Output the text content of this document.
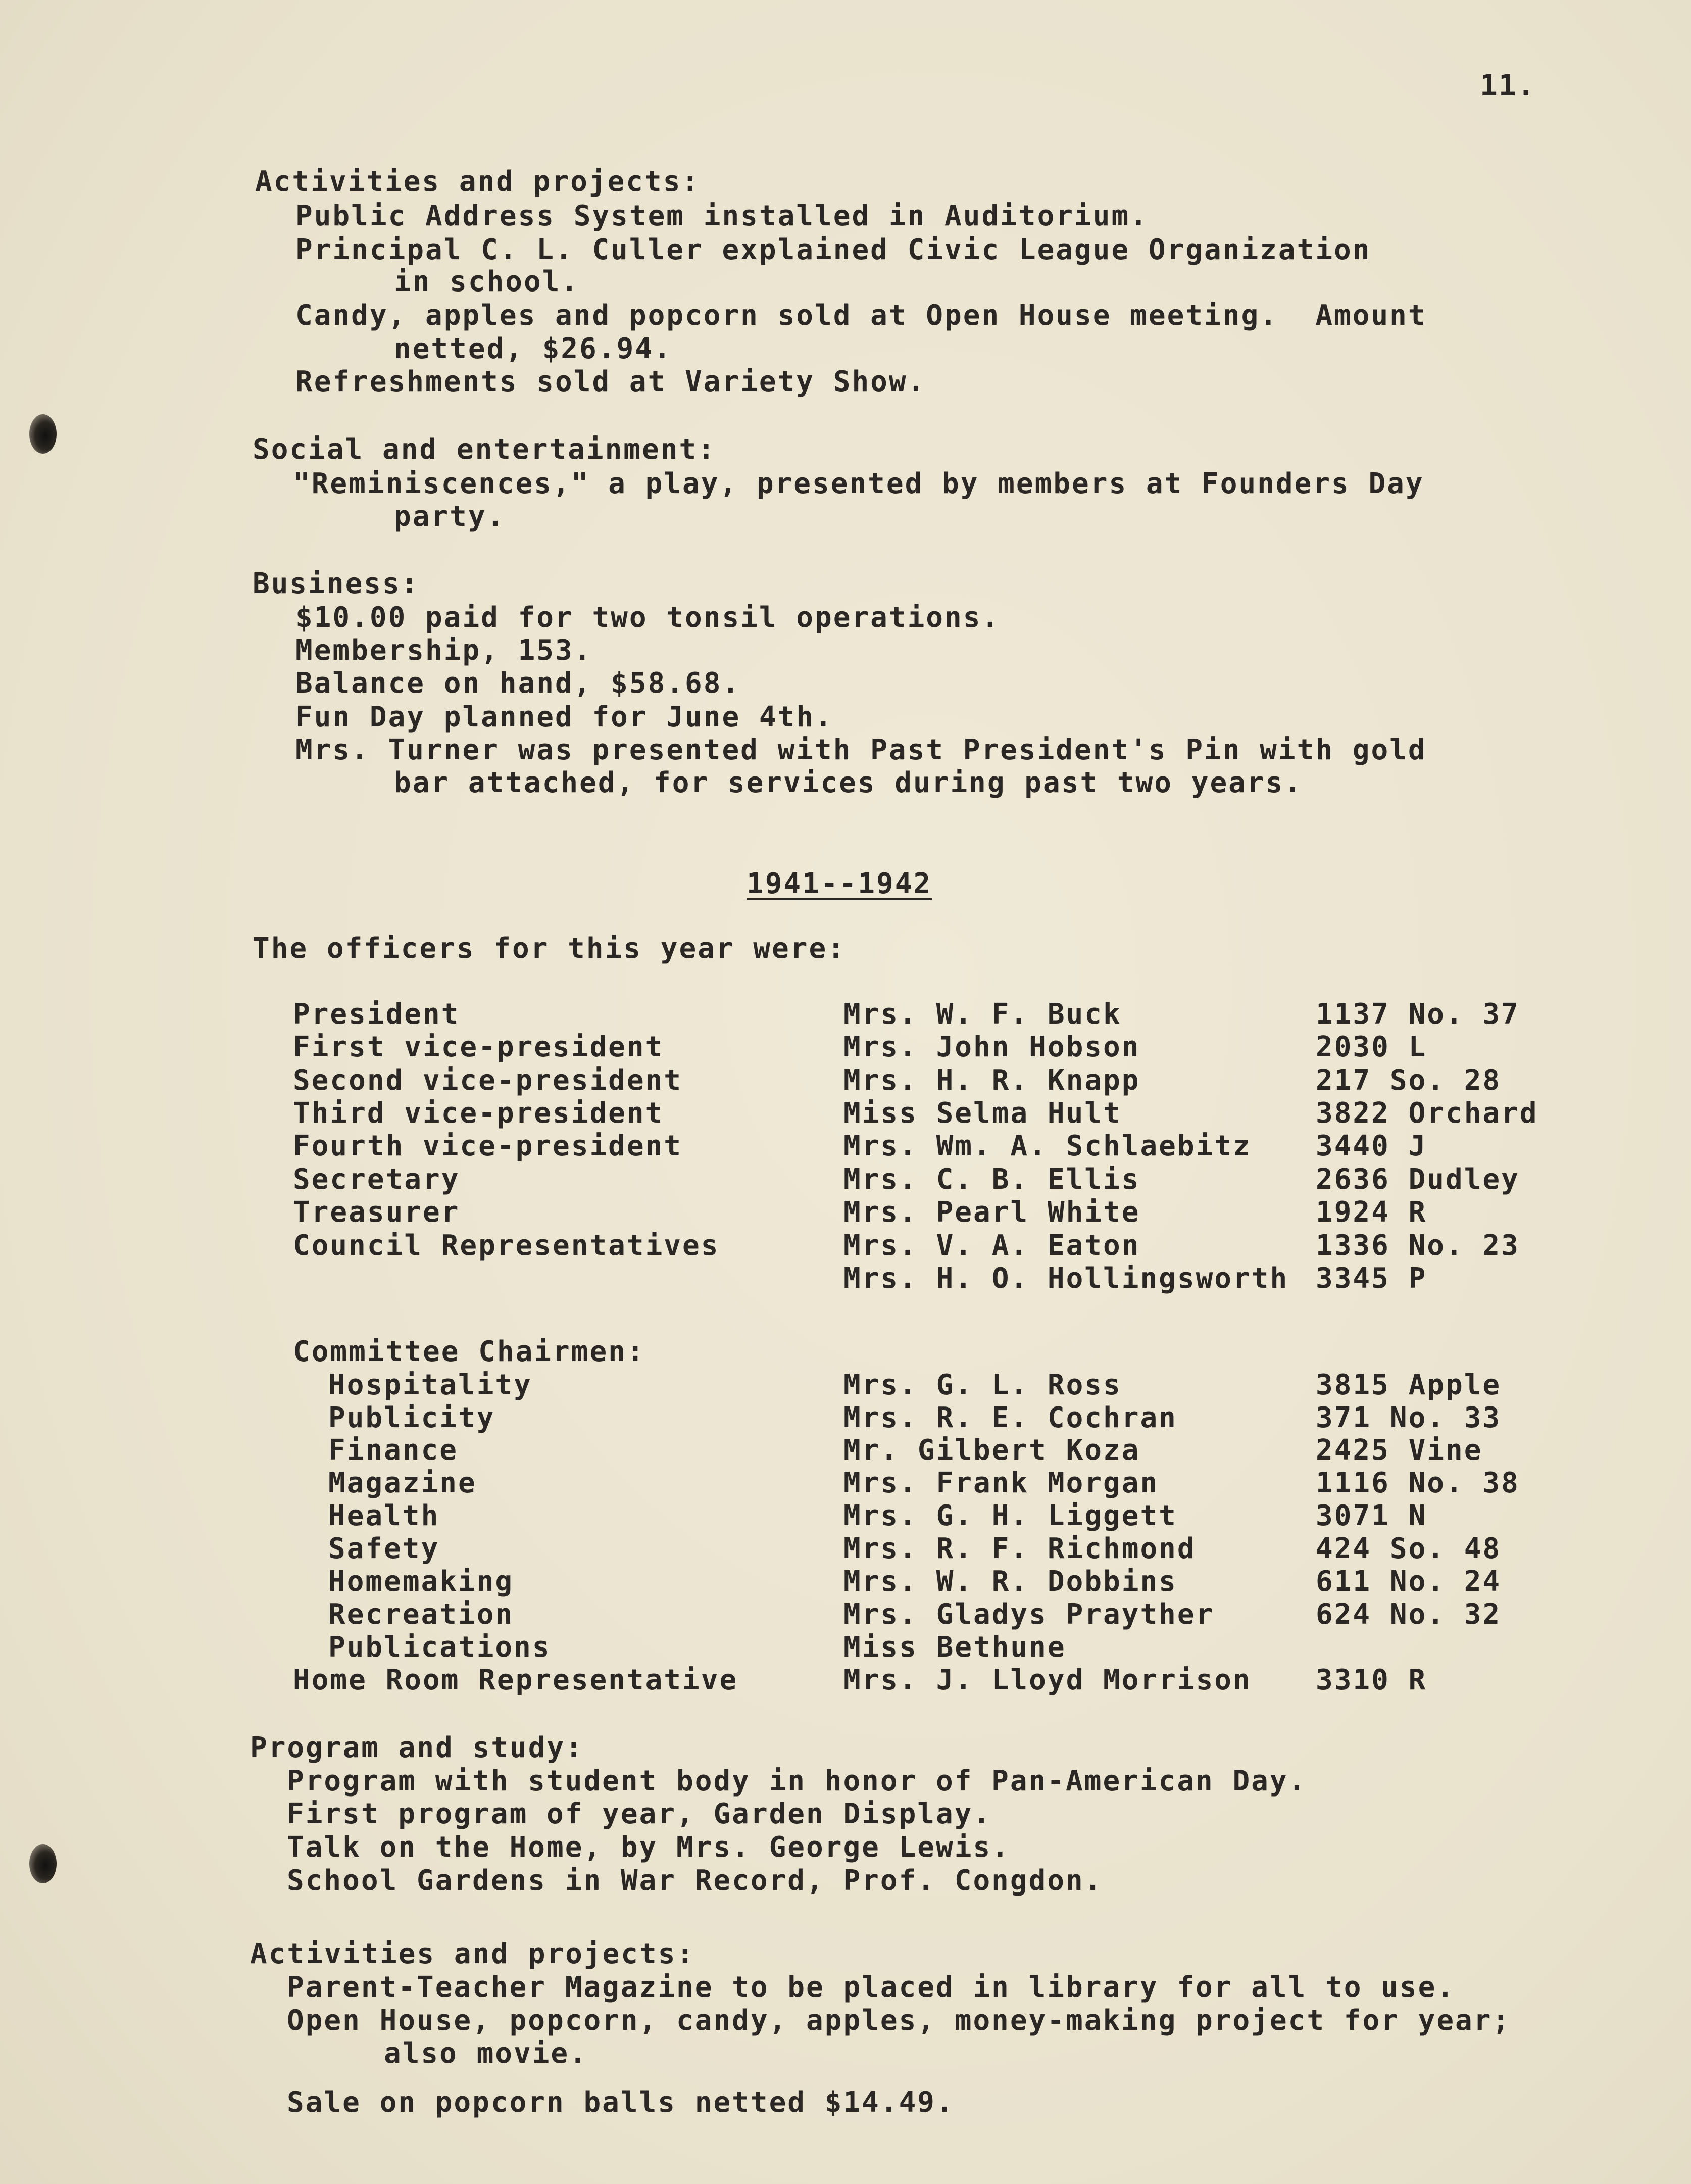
11.
Activities and projects:
Public Address System installed in Auditorium.
Principal C. L. Culler explained Civic League Organization
in school.
Candy, apples and popcorn sold at Open House meeting.  Amount
netted, $26.94.
Refreshments sold at Variety Show.
Social and entertainment:
"Reminiscences," a play, presented by members at Founders Day
party.
Business:
$10.00 paid for two tonsil operations.
Membership, 153.
Balance on hand, $58.68.
Fun Day planned for June 4th.
Mrs. Turner was presented with Past President's Pin with gold
bar attached, for services during past two years.
1941--1942
The officers for this year were:
President	Mrs. W. F. Buck	1137 No. 37
First vice-president	Mrs. John Hobson	2030 L
Second vice-president	Mrs. H. R. Knapp	217 So. 28
Third vice-president	Miss Selma Hult	3822 Orchard
Fourth vice-president	Mrs. Wm. A. Schlaebitz 3440 J
Secretary	Mrs. C. B. Ellis	2636 Dudley
Treasurer	Mrs. Pearl White	1924 R
Council Representatives	Mrs. V. A. Eaton	1336 No. 23
Mrs. H. O. Hollingsworth 3345 P
Committee Chairmen:
Hospitality	Mrs. G. L. Ross	3815 Apple
Publicity	Mrs. R. E. Cochran	371 No. 33
Finance	Mr. Gilbert Koza	2425 Vine
Magazine	Mrs. Frank Morgan	1116 No. 38
Health	Mrs. G. H. Liggett	3071 N
Safety	Mrs. R. F. Richmond	424 So. 48
Homemaking	Mrs. W. R. Dobbins	611 No. 24
Recreation	Mrs. Gladys Prayther	624 No. 32
Publications	Miss Bethune
Home Room Representative	Mrs. J. Lloyd Morrison 3310 R
Program and study:
Program with student body in honor of Pan-American Day.
First program of year, Garden Display.
Talk on the Home, by Mrs. George Lewis.
School Gardens in War Record, Prof. Congdon.
Activities and projects:
Parent-Teacher Magazine to be placed in library for all to use.
Open House, popcorn, candy, apples, money-making project for year;
also movie.
Sale on popcorn balls netted $14.49.
